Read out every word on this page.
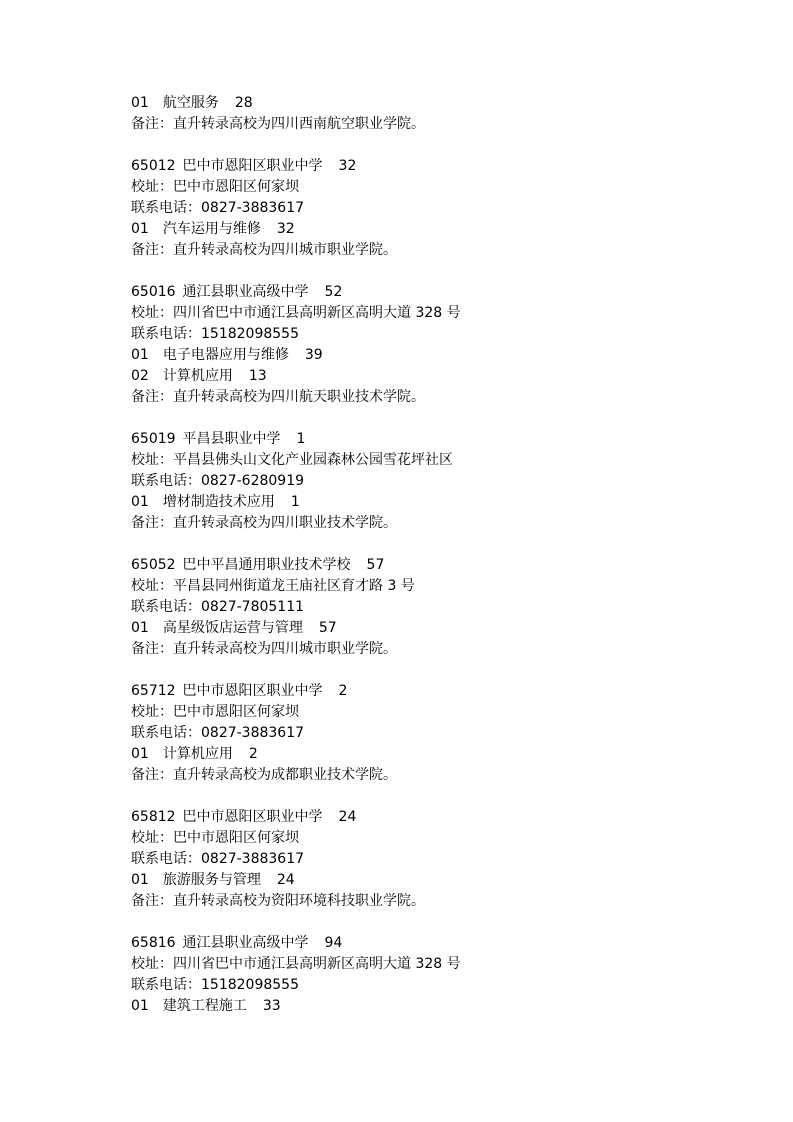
01 航空服务 28

备注：直升转录高校为四川西南航空职业学院。

65012 巴中市恩阳区职业中学 32

校址：巴中市恩阳区何家坝

联系电话：0827-3883617

01 汽车运用与维修 32

备注：直升转录高校为四川城市职业学院。

65016 通江县职业高级中学 52

校址：四川省巴中市通江县高明新区高明大道 328 号

联系电话：15182098555

01 电子电器应用与维修 39

02 计算机应用 13

备注：直升转录高校为四川航天职业技术学院。

65019 平昌县职业中学 1

校址：平昌县佛头山文化产业园森林公园雪花坪社区

联系电话：0827-6280919

01 增材制造技术应用 1

备注：直升转录高校为四川职业技术学院。

65052 巴中平昌通用职业技术学校 57

校址：平昌县同州街道龙王庙社区育才路 3 号

联系电话：0827-7805111

01 高星级饭店运营与管理 57

备注：直升转录高校为四川城市职业学院。

65712 巴中市恩阳区职业中学 2

校址：巴中市恩阳区何家坝

联系电话：0827-3883617

01 计算机应用 2

备注：直升转录高校为成都职业技术学院。

65812 巴中市恩阳区职业中学 24

校址：巴中市恩阳区何家坝

联系电话：0827-3883617

01 旅游服务与管理 24

备注：直升转录高校为资阳环境科技职业学院。

65816 通江县职业高级中学 94

校址：四川省巴中市通江县高明新区高明大道 328 号

联系电话：15182098555

01 建筑工程施工 33
